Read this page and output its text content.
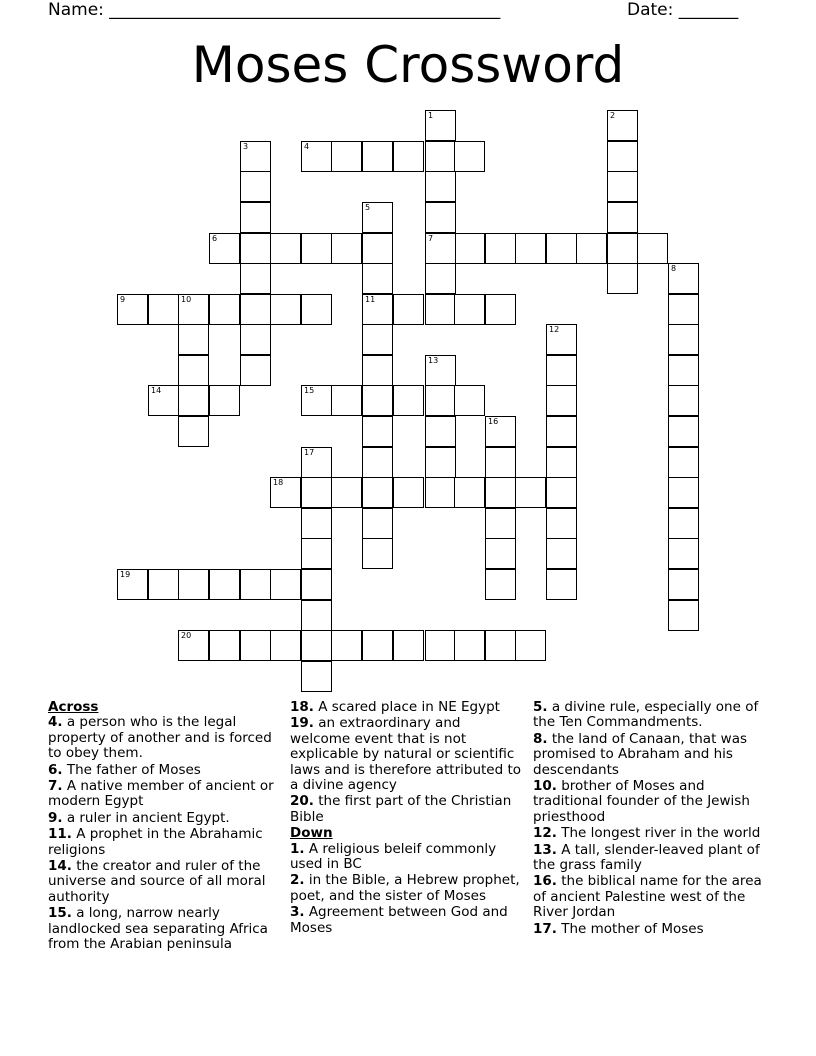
Name: ______________________________________________	Date: _______
Moses Crossword
1	2
3	4
5
6
8
9	10
12
13
14	15
16
17
18
19
20
7
11
Across
4. a person who is the legal property of another and is forced to obey them.
6. The father of Moses
7. A native member of ancient or modern Egypt
9. a ruler in ancient Egypt.
11. A prophet in the Abrahamic religions
14. the creator and ruler of the universe and source of all moral authority
15. a long, narrow nearly landlocked sea separating Africa from the Arabian peninsula
18. A scared place in NE Egypt
19. an extraordinary and welcome event that is not explicable by natural or scientific laws and is therefore attributed to a divine agency
20. the first part of the Christian Bible
Down
1. A religious beleif commonly used in BC
2. in the Bible, a Hebrew prophet, poet, and the sister of Moses
3. Agreement between God and Moses
5. a divine rule, especially one of the Ten Commandments.
8. the land of Canaan, that was promised to Abraham and his descendants
10. brother of Moses and traditional founder of the Jewish priesthood
12. The longest river in the world
13. A tall, slender-leaved plant of the grass family
16. the biblical name for the area of ancient Palestine west of the River Jordan
17. The mother of Moses
